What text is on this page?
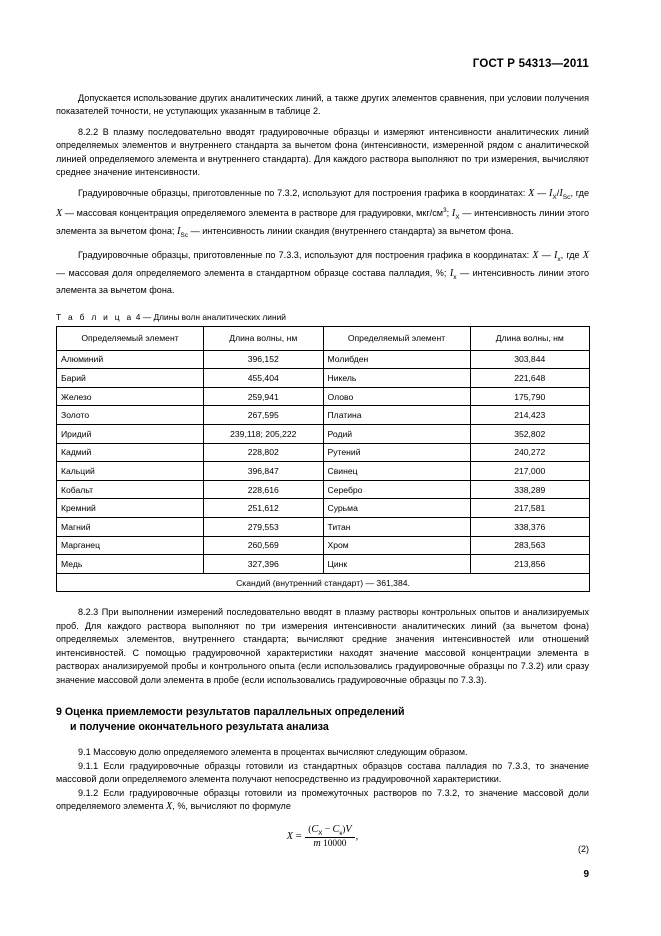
ГОСТ Р 54313—2011

Допускается использование других аналитических линий, а также других элементов сравнения, при условии получения показателей точности, не уступающих указанным в таблице 2.

8.2.2 В плазму последовательно вводят градуировочные образцы и измеряют интенсивности аналитических линий определяемых элементов и внутреннего стандарта за вычетом фона (интенсивности, измеренной рядом с аналитической линией определяемого элемента и внутреннего стандарта). Для каждого раствора выполняют по три измерения, вычисляют среднее значение интенсивности.

Градуировочные образцы, приготовленные по 7.3.2, используют для построения графика в координатах: X — $I_X/I_{Sc}$, где X — массовая концентрация определяемого элемента в растворе для градуировки, мкг/$см^3$; $I_X$ — интенсивность линии этого элемента за вычетом фона; $I_{Sc}$ — интенсивность линии скандия (внутреннего стандарта) за вычетом фона.

Градуировочные образцы, приготовленные по 7.3.3, используют для построения графика в координатах: X — $I_x$, где X — массовая доля определяемого элемента в стандартном образце состава палладия, %; $I_x$ — интенсивность линии этого элемента за вычетом фона.

Т а б л и ц а 4— Длины волн аналитических линий
Определяемый элемент	Длина волны, нм	Определяемый элемент	Длина волны, нм
Алюминий	396,152	Молибден	303,844
Барий	455,404	Никель	221,648
Железо	259,941	Олово	175,790
Золото	267,595	Платина	214,423
Иридий	239,118; 205,222	Родий	352,802
Кадмий	228,802	Рутений	240,272
Кальций	396,847	Свинец	217,000
Кобальт	228,616	Серебро	338,289
Кремний	251,612	Сурьма	217,581
Магний	279,553	Титан	338,376
Марганец	260,569	Хром	283,563
Медь	327,396	Цинк	213,856
Скандий (внутренний стандарт) — 361,384.			

8.2.3 При выполнении измерений последовательно вводят в плазму растворы контрольных опытов и анализируемых проб. Для каждого раствора выполняют по три измерения интенсивности аналитических линий (за вычетом фона) определяемых элементов, внутреннего стандарта; вычисляют средние значения интенсивностей или отношений интенсивностей. С помощью градуировочной характеристики находят значение массовой концентрации элемента в растворах анализируемой пробы и контрольного опыта (если использовались градуировочные образцы по 7.3.2) или сразу значение массовой доли элемента в пробе (если использовались градуировочные образцы по 7.3.3).

9 Оценка приемлемости результатов параллельных определений
и получение окончательного результата анализа

9.1 Массовую долю определяемого элемента в процентах вычисляют следующим образом.

9.1.1 Если градуировочные образцы готовили из стандартных образцов состава палладия по 7.3.3, то значение массовой доли определяемого элемента получают непосредственно из градуировочной характеристики.

9.1.2 Если градуировочные образцы готовили из промежуточных растворов по 7.3.2, то значение массовой доли определяемого элемента X, %, вычисляют по формуле

$X = \frac{(C_X - C_к)V}{m 10000}$ ,
(2)
9
